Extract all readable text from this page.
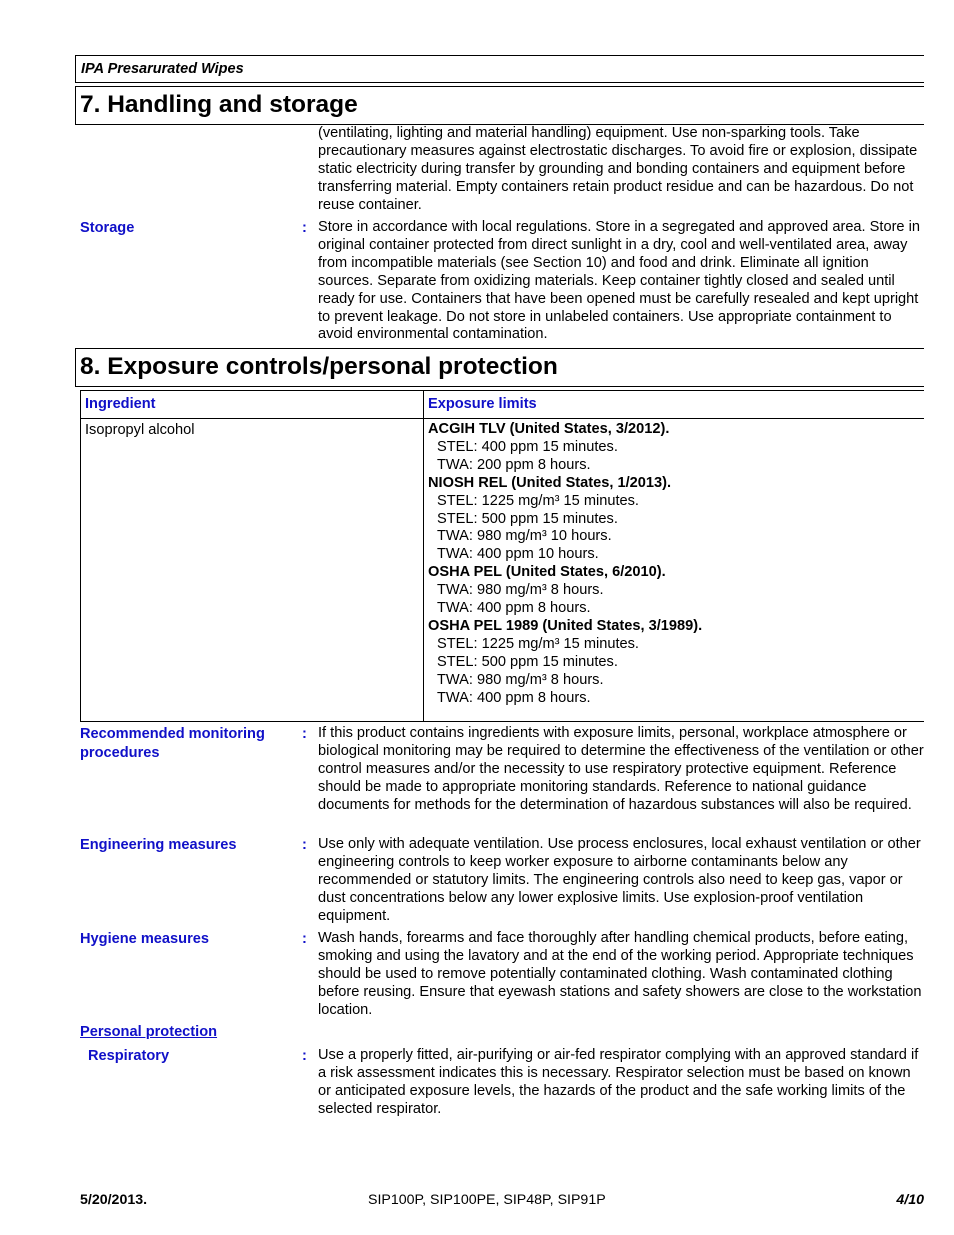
IPA Presarurated Wipes
7. Handling and storage
(ventilating, lighting and material handling) equipment. Use non-sparking tools. Take precautionary measures against electrostatic discharges. To avoid fire or explosion, dissipate static electricity during transfer by grounding and bonding containers and equipment before transferring material. Empty containers retain product residue and can be hazardous. Do not reuse container.
Storage	: Store in accordance with local regulations. Store in a segregated and approved area. Store in original container protected from direct sunlight in a dry, cool and well-ventilated area, away from incompatible materials (see Section 10) and food and drink. Eliminate all ignition sources. Separate from oxidizing materials. Keep container tightly closed and sealed until ready for use. Containers that have been opened must be carefully resealed and kept upright to prevent leakage. Do not store in unlabeled containers. Use appropriate containment to avoid environmental contamination.
8. Exposure controls/personal protection
Ingredient	Exposure limits
Isopropyl alcohol	ACGIH TLV (United States, 3/2012).
STEL: 400 ppm 15 minutes.
TWA: 200 ppm 8 hours.
NIOSH REL (United States, 1/2013).
STEL: 1225 mg/m³ 15 minutes.
STEL: 500 ppm 15 minutes.
TWA: 980 mg/m³ 10 hours.
TWA: 400 ppm 10 hours.
OSHA PEL (United States, 6/2010).
TWA: 980 mg/m³ 8 hours.
TWA: 400 ppm 8 hours.
OSHA PEL 1989 (United States, 3/1989).
STEL: 1225 mg/m³ 15 minutes.
STEL: 500 ppm 15 minutes.
TWA: 980 mg/m³ 8 hours.
TWA: 400 ppm 8 hours.
Recommended monitoring procedures
: If this product contains ingredients with exposure limits, personal, workplace atmosphere or biological monitoring may be required to determine the effectiveness of the ventilation or other control measures and/or the necessity to use respiratory protective equipment. Reference should be made to appropriate monitoring standards. Reference to national guidance documents for methods for the determination of hazardous substances will also be required.
Engineering measures	: Use only with adequate ventilation. Use process enclosures, local exhaust ventilation or other engineering controls to keep worker exposure to airborne contaminants below any recommended or statutory limits. The engineering controls also need to keep gas, vapor or dust concentrations below any lower explosive limits. Use explosion-proof ventilation equipment.
Hygiene measures	: Wash hands, forearms and face thoroughly after handling chemical products, before eating, smoking and using the lavatory and at the end of the working period. Appropriate techniques should be used to remove potentially contaminated clothing. Wash contaminated clothing before reusing. Ensure that eyewash stations and safety showers are close to the workstation location.
Personal protection
Respiratory	: Use a properly fitted, air-purifying or air-fed respirator complying with an approved standard if a risk assessment indicates this is necessary. Respirator selection must be based on known or anticipated exposure levels, the hazards of the product and the safe working limits of the selected respirator.
5/20/2013.	SIP100P, SIP100PE, SIP48P, SIP91P	4/10
